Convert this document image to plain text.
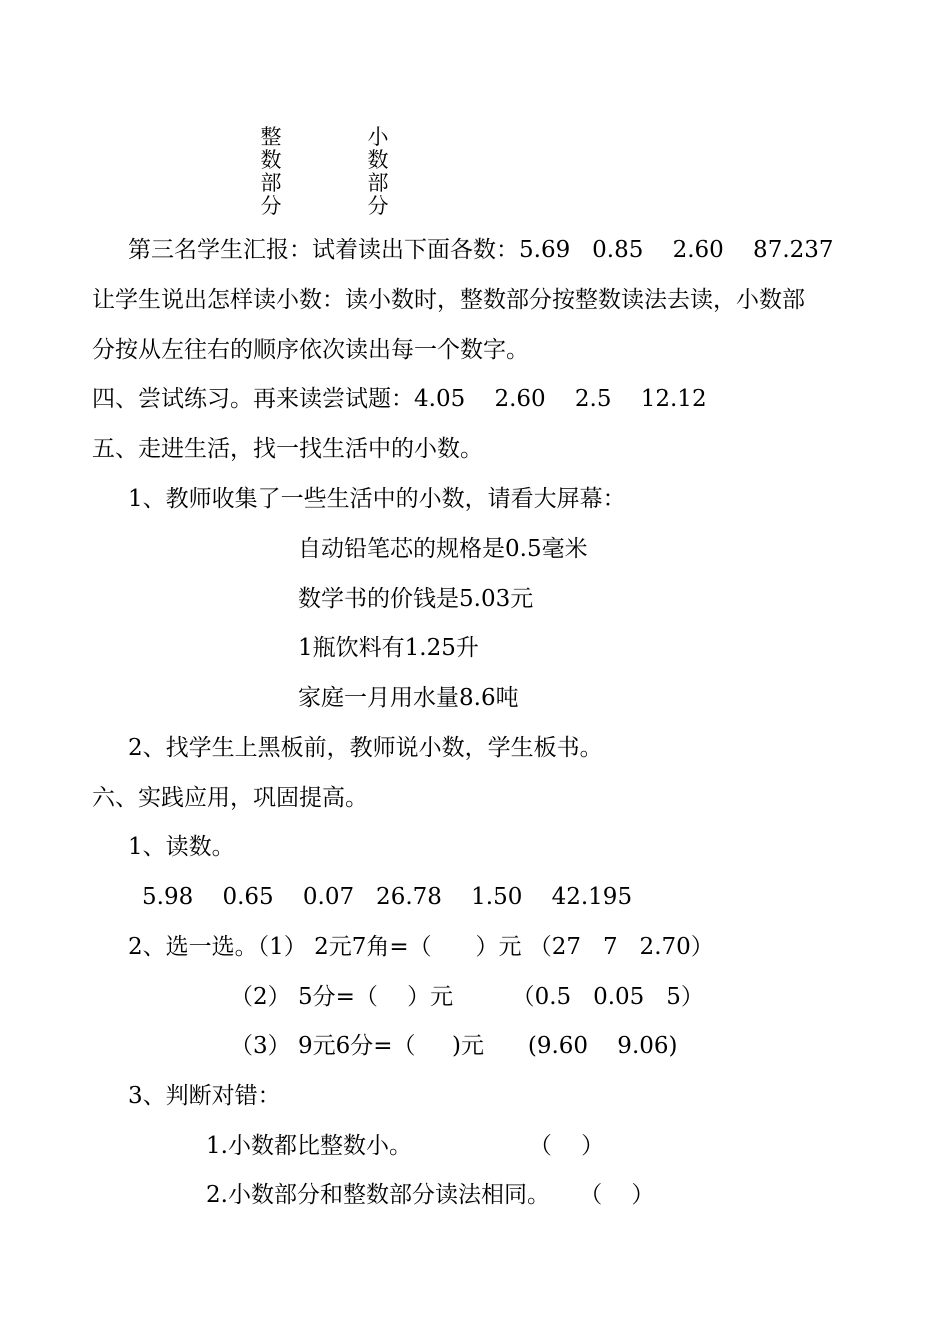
整数部分
小数部分

第三名学生汇报：试着读出下面各数：5.69   0.85    2.60    87.237

让学生说出怎样读小数：读小数时，整数部分按整数读法去读，小数部

分按从左往右的顺序依次读出每一个数字。

四、尝试练习。再来读尝试题：4.05    2.60    2.5    12.12

五、走进生活，找一找生活中的小数。

1、教师收集了一些生活中的小数，请看大屏幕：

自动铅笔芯的规格是0.5毫米

数学书的价钱是5.03元

1瓶饮料有1.25升

家庭一月用水量8.6吨

2、找学生上黑板前，教师说小数，学生板书。

六、实践应用，巩固提高。

1、读数。

5.98    0.65    0.07   26.78    1.50    42.195

2、选一选。（1） 2元7角=（      ）元 （27   7   2.70）

（2） 5分=（    ）元        （0.5   0.05   5）

（3） 9元6分=（     )元      (9.60    9.06)

3、判断对错：

1.小数都比整数小。                （    ）

2.小数部分和整数部分读法相同。    （    ）
